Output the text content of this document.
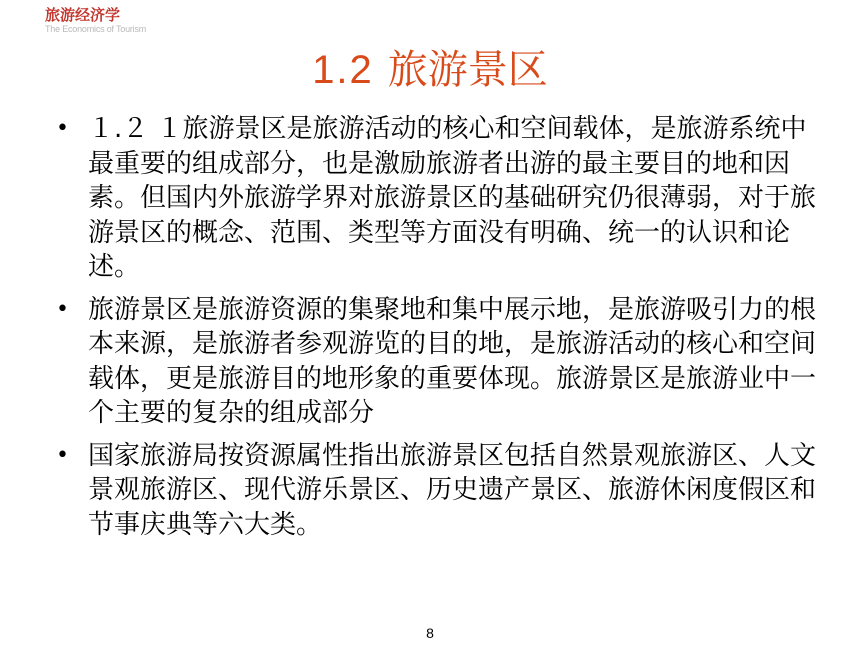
旅游经济学
The Economics of Tourism
1.2 旅游景区
• １.２ １旅游景区是旅游活动的核心和空间载体，是旅游系统中最重要的组成部分，也是激励旅游者出游的最主要目的地和因素。但国内外旅游学界对旅游景区的基础研究仍很薄弱，对于旅游景区的概念、范围、类型等方面没有明确、统一的认识和论述。
• 旅游景区是旅游资源的集聚地和集中展示地，是旅游吸引力的根本来源，是旅游者参观游览的目的地，是旅游活动的核心和空间载体，更是旅游目的地形象的重要体现。旅游景区是旅游业中一个主要的复杂的组成部分
• 国家旅游局按资源属性指出旅游景区包括自然景观旅游区、人文景观旅游区、现代游乐景区、历史遗产景区、旅游休闲度假区和节事庆典等六大类。
8
